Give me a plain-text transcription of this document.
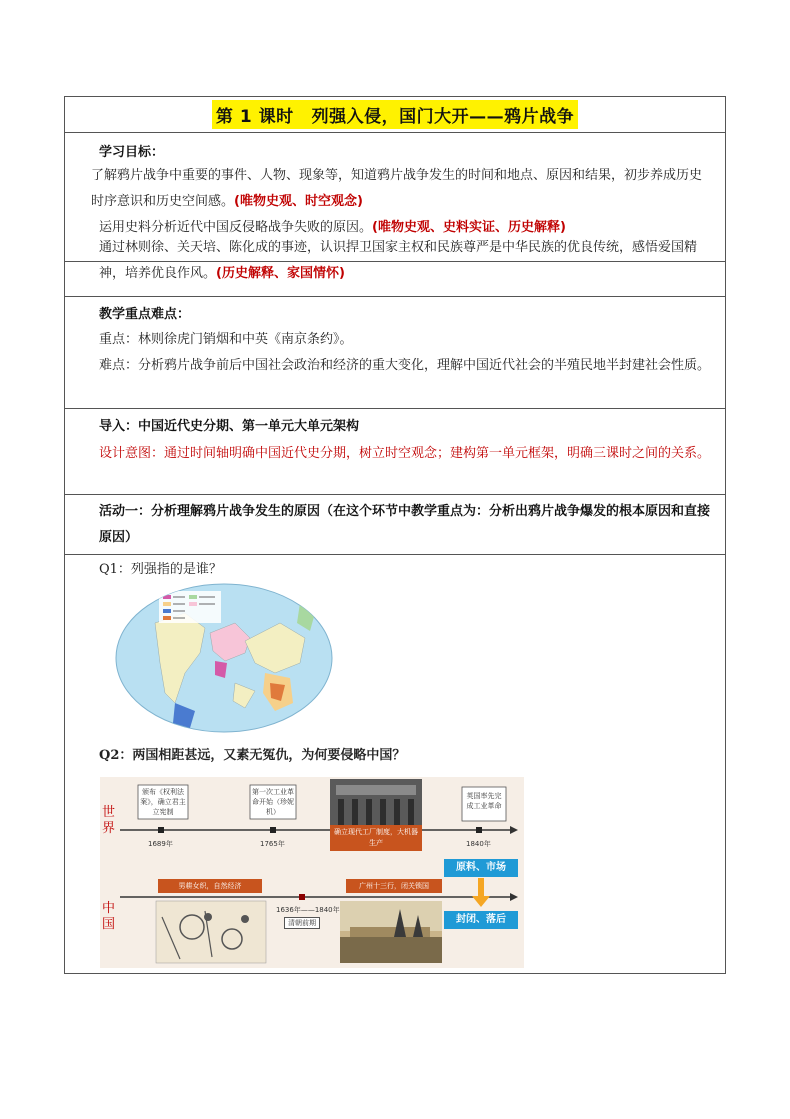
第 1 课时 列强入侵，国门大开——鸦片战争
学习目标：
了解鸦片战争中重要的事件、人物、现象等，知道鸦片战争发生的时间和地点、原因和结果，初步养成历史时序意识和历史空间感。(唯物史观、时空观念)
运用史料分析近代中国反侵略战争失败的原因。(唯物史观、史料实证、历史解释)
通过林则徐、关天培、陈化成的事迹，认识捍卫国家主权和民族尊严是中华民族的优良传统，感悟爱国精神，培养优良作风。(历史解释、家国情怀)
教学重点难点：
重点：林则徐虎门销烟和中英《南京条约》。
难点：分析鸦片战争前后中国社会政治和经济的重大变化，理解中国近代社会的半殖民地半封建社会性质。
导入：中国近代史分期、第一单元大单元架构
设计意图：通过时间轴明确中国近代史分期，树立时空观念；建构第一单元框架，明确三课时之间的关系。
活动一：分析理解鸦片战争发生的原因（在这个环节中教学重点为：分析出鸦片战争爆发的根本原因和直接原因）
Q1：列强指的是谁？
Q2：两国相距甚远，又素无冤仇，为何要侵略中国？
世界
中国
颁布《权利法案》，确立君主立宪制
1689年
第一次工业革命开始（珍妮机）
1765年
英国率先完成工业革命
1840年
确立现代工厂制度，大机器生产
原料、市场
男耕女织，自然经济
1636年——1840年
清朝前期
广州十三行，闭关锁国
封闭、落后
